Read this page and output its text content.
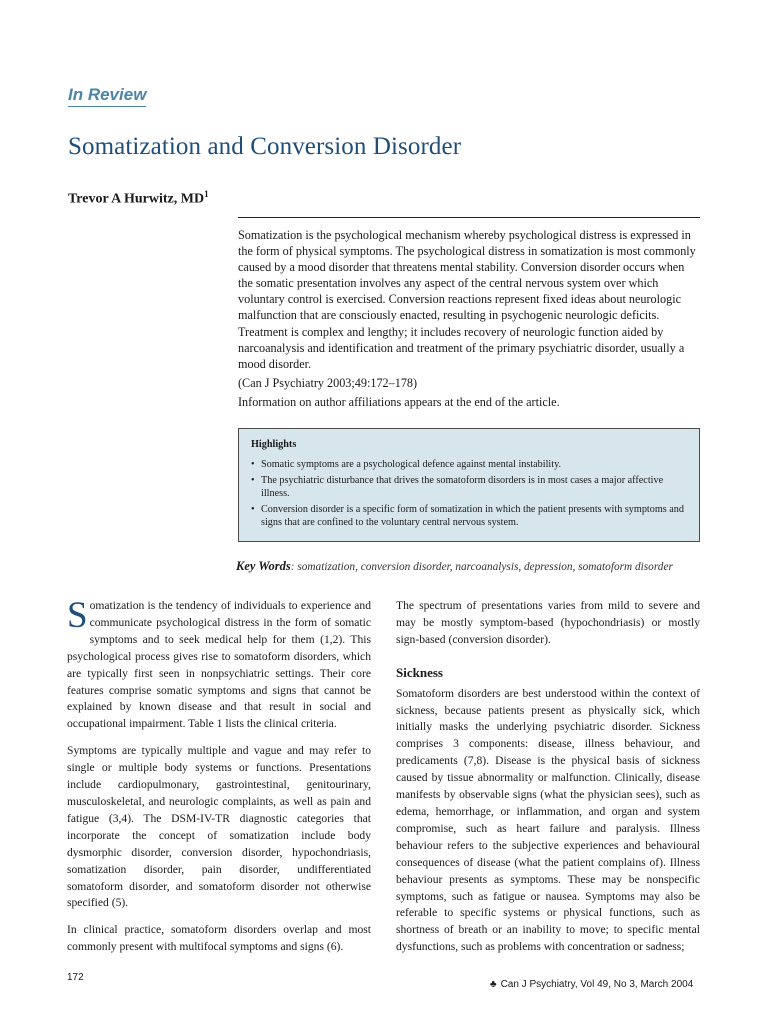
In Review
Somatization and Conversion Disorder
Trevor A Hurwitz, $MD^1$

Somatization is the psychological mechanism whereby psychological distress is expressed in the form of physical symptoms. The psychological distress in somatization is most commonly caused by a mood disorder that threatens mental stability. Conversion disorder occurs when the somatic presentation involves any aspect of the central nervous system over which voluntary control is exercised. Conversion reactions represent fixed ideas about neurologic malfunction that are consciously enacted, resulting in psychogenic neurologic deficits. Treatment is complex and lengthy; it includes recovery of neurologic function aided by narcoanalysis and identification and treatment of the primary psychiatric disorder, usually a mood disorder.

(Can J Psychiatry 2003;49:172–178)

Information on author affiliations appears at the end of the article.

Highlights
• Somatic symptoms are a psychological defence against mental instability.
• The psychiatric disturbance that drives the somatoform disorders is in most cases a major affective illness.
• Conversion disorder is a specific form of somatization in which the patient presents with symptoms and signs that are confined to the voluntary central nervous system.
Key Words: somatization, conversion disorder, narcoanalysis, depression, somatoform disorder

Somatization is the tendency of individuals to experience and communicate psychological distress in the form of somatic symptoms and to seek medical help for them (1,2). This psychological process gives rise to somatoform disorders, which are typically first seen in nonpsychiatric settings. Their core features comprise somatic symptoms and signs that cannot be explained by known disease and that result in social and occupational impairment. Table 1 lists the clinical criteria.

Symptoms are typically multiple and vague and may refer to single or multiple body systems or functions. Presentations include cardiopulmonary, gastrointestinal, genitourinary, musculoskeletal, and neurologic complaints, as well as pain and fatigue (3,4). The DSM-IV-TR diagnostic categories that incorporate the concept of somatization include body dysmorphic disorder, conversion disorder, hypochondriasis, somatization disorder, pain disorder, undifferentiated somatoform disorder, and somatoform disorder not otherwise specified (5).

In clinical practice, somatoform disorders overlap and most commonly present with multifocal symptoms and signs (6).

The spectrum of presentations varies from mild to severe and may be mostly symptom-based (hypochondriasis) or mostly sign-based (conversion disorder).

Sickness

Somatoform disorders are best understood within the context of sickness, because patients present as physically sick, which initially masks the underlying psychiatric disorder. Sickness comprises 3 components: disease, illness behaviour, and predicaments (7,8). Disease is the physical basis of sickness caused by tissue abnormality or malfunction. Clinically, disease manifests by observable signs (what the physician sees), such as edema, hemorrhage, or inflammation, and organ and system compromise, such as heart failure and paralysis. Illness behaviour refers to the subjective experiences and behavioural consequences of disease (what the patient complains of). Illness behaviour presents as symptoms. These may be nonspecific symptoms, such as fatigue or nausea. Symptoms may also be referable to specific systems or physical functions, such as shortness of breath or an inability to move; to specific mental dysfunctions, such as problems with concentration or sadness;

172
♣ Can J Psychiatry, Vol 49, No 3, March 2004
